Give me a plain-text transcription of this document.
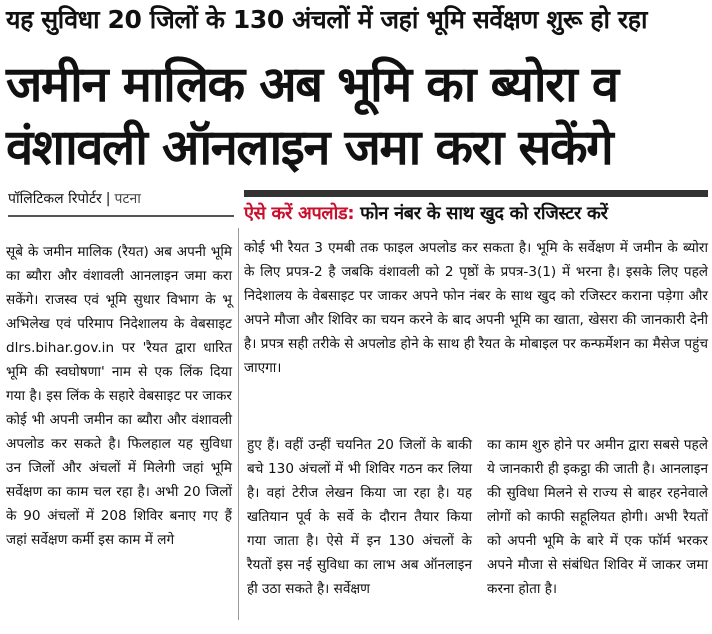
यह सुविधा 20 जिलों के 130 अंचलों में जहां भूमि सर्वेक्षण शुरू हो रहा
जमीन मालिक अब भूमि का ब्योरा व
वंशावली ऑनलाइन जमा करा सकेंगे
पॉलिटिकल रिपोर्टर | पटना
ऐसे करें अपलोड: फोन नंबर के साथ खुद को रजिस्टर करें

कोई भी रैयत 3 एमबी तक फाइल अपलोड कर सकता है। भूमि के सर्वेक्षण में जमीन के ब्योरा के लिए प्रपत्र-2 है जबकि वंशावली को 2 पृष्ठों के प्रपत्र-3(1) में भरना है। इसके लिए पहले निदेशालय के वेबसाइट पर जाकर अपने फोन नंबर के साथ खुद को रजिस्टर कराना पड़ेगा और अपने मौजा और शिविर का चयन करने के बाद अपनी भूमि का खाता, खेसरा की जानकारी देनी है। प्रपत्र सही तरीके से अपलोड होने के साथ ही रैयत के मोबाइल पर कन्फर्मेशन का मैसेज पहुंच जाएगा।

सूबे के जमीन मालिक (रैयत) अब अपनी भूमि का ब्यौरा और वंशावली आनलाइन जमा करा सकेंगे। राजस्व एवं भूमि सुधार विभाग के भू अभिलेख एवं परिमाप निदेशालय के वेबसाइट dlrs.bihar.gov.in पर 'रैयत द्वारा धारित भूमि की स्वघोषणा' नाम से एक लिंक दिया गया है। इस लिंक के सहारे वेबसाइट पर जाकर कोई भी अपनी जमीन का ब्यौरा और वंशावली अपलोड कर सकते है। फिलहाल यह सुविधा उन जिलों और अंचलों में मिलेगी जहां भूमि सर्वेक्षण का काम चल रहा है। अभी 20 जिलों के 90 अंचलों में 208 शिविर बनाए गए हैं जहां सर्वेक्षण कर्मी इस काम में लगे

हुए हैं। वहीं उन्हीं चयनित 20 जिलों के बाकी बचे 130 अंचलों में भी शिविर गठन कर लिया है। वहां टेरीज लेखन किया जा रहा है। यह खतियान पूर्व के सर्वे के दौरान तैयार किया गया जाता है। ऐसे में इन 130 अंचलों के रैयतों इस नई सुविधा का लाभ अब ऑनलाइन ही उठा सकते है। सर्वेक्षण

का काम शुरु होने पर अमीन द्वारा सबसे पहले ये जानकारी ही इकट्ठा की जाती है। आनलाइन की सुविधा मिलने से राज्य से बाहर रहनेवाले लोगों को काफी सहूलियत होगी। अभी रैयतों को अपनी भूमि के बारे में एक फॉर्म भरकर अपने मौजा से संबंधित शिविर में जाकर जमा करना होता है।
